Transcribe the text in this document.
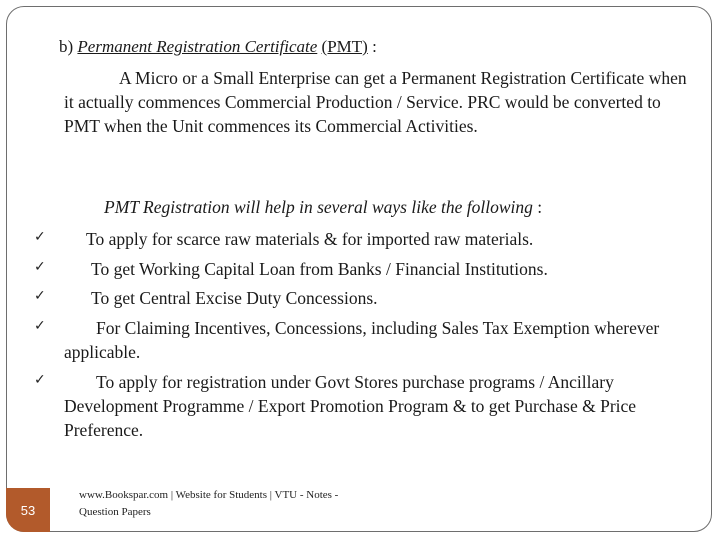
b) Permanent Registration Certificate (PMT) :
A Micro or a Small Enterprise can get a Permanent Registration Certificate when it actually commences Commercial Production / Service. PRC would be converted to PMT when the Unit commences its Commercial Activities.
PMT Registration will help in several ways like the following :
✓ To apply for scarce raw materials & for imported raw materials.
✓	To get Working Capital Loan from Banks / Financial Institutions.
✓	To get Central Excise Duty Concessions.
✓	For Claiming Incentives, Concessions, including Sales Tax Exemption wherever applicable.
✓	To apply for registration under Govt Stores purchase programs / Ancillary Development Programme / Export Promotion Program & to get Purchase & Price Preference.
53
www.Bookspar.com | Website for Students | VTU - Notes - Question Papers
